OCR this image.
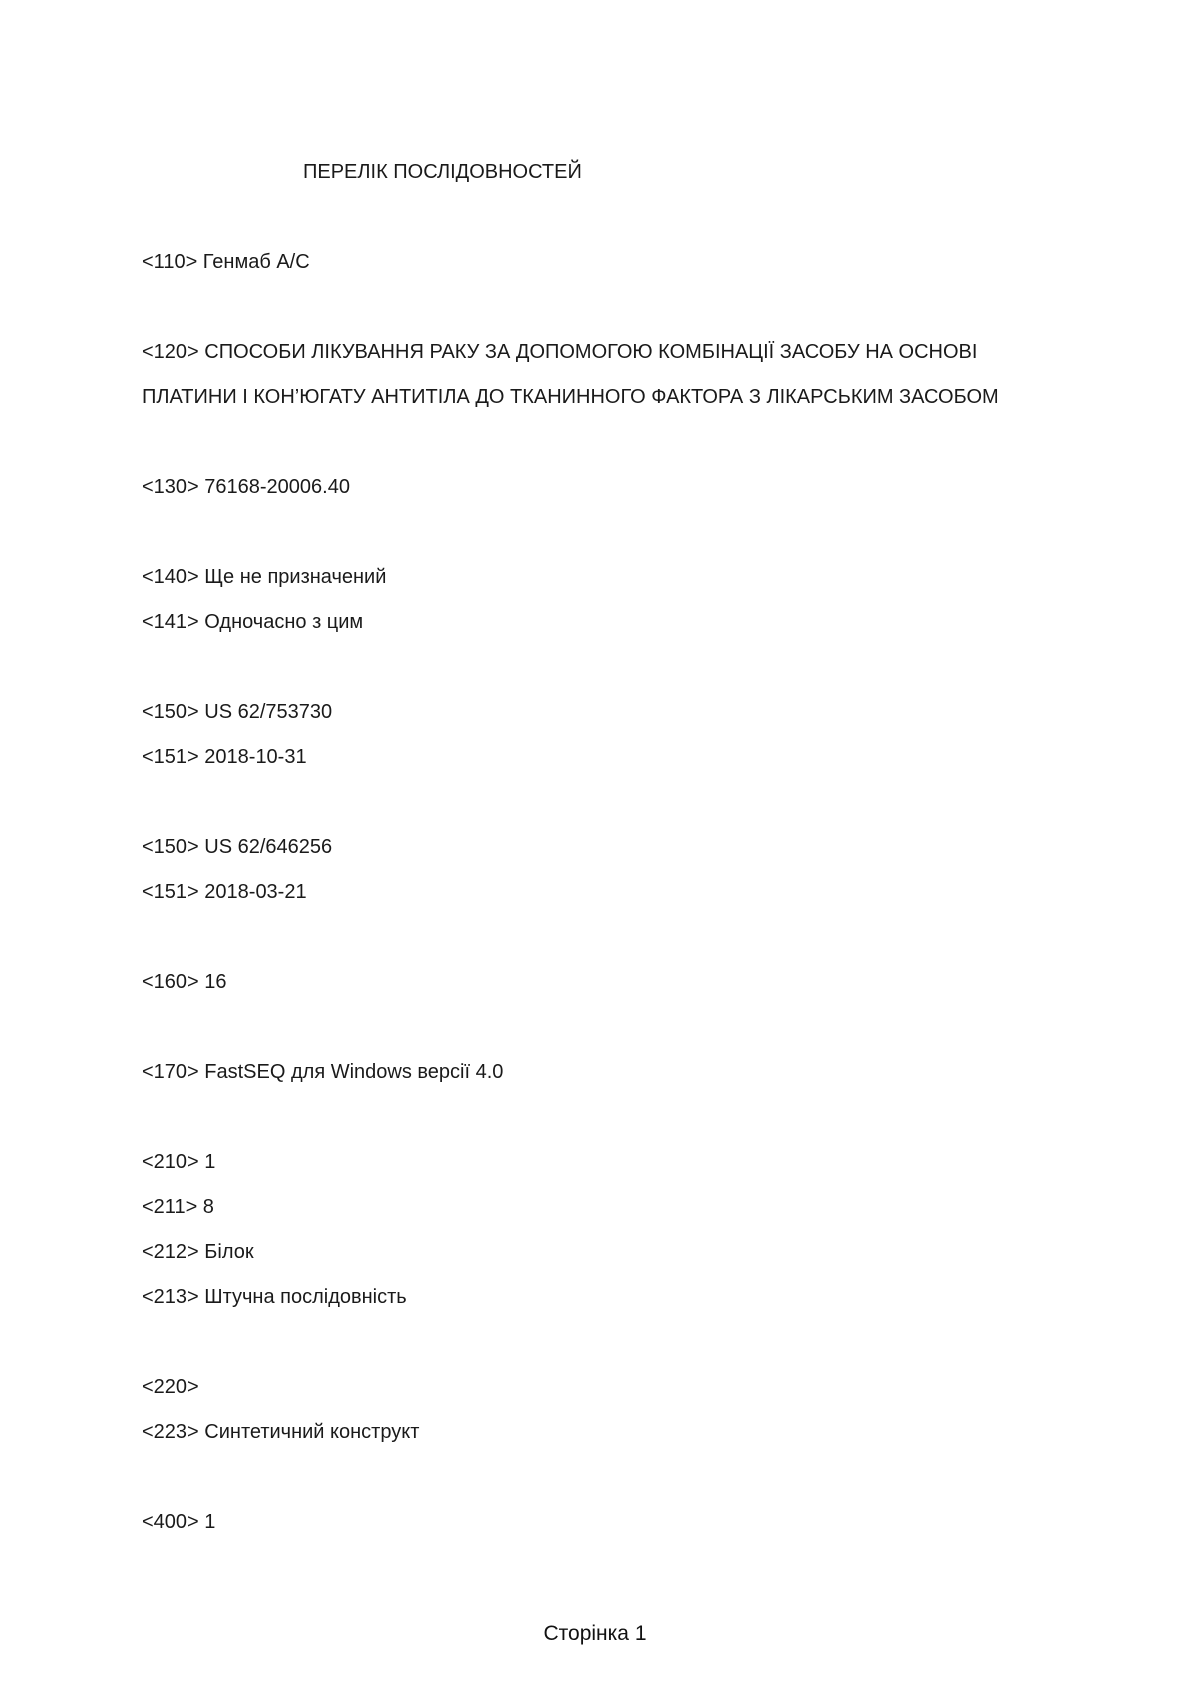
ПЕРЕЛІК ПОСЛІДОВНОСТЕЙ
<110> Генмаб А/С
<120> СПОСОБИ ЛІКУВАННЯ РАКУ ЗА ДОПОМОГОЮ КОМБІНАЦІЇ ЗАСОБУ НА ОСНОВІ
ПЛАТИНИ І КОН’ЮГАТУ АНТИТІЛА ДО ТКАНИННОГО ФАКТОРА З ЛІКАРСЬКИМ ЗАСОБОМ
<130> 76168-20006.40
<140> Ще не призначений
<141> Одночасно з цим
<150> US 62/753730
<151> 2018-10-31
<150> US 62/646256
<151> 2018-03-21
<160> 16
<170> FastSEQ для Windows версії 4.0
<210> 1
<211> 8
<212> Білок
<213> Штучна послідовність
<220>
<223> Синтетичний конструкт
<400> 1
Сторінка 1
